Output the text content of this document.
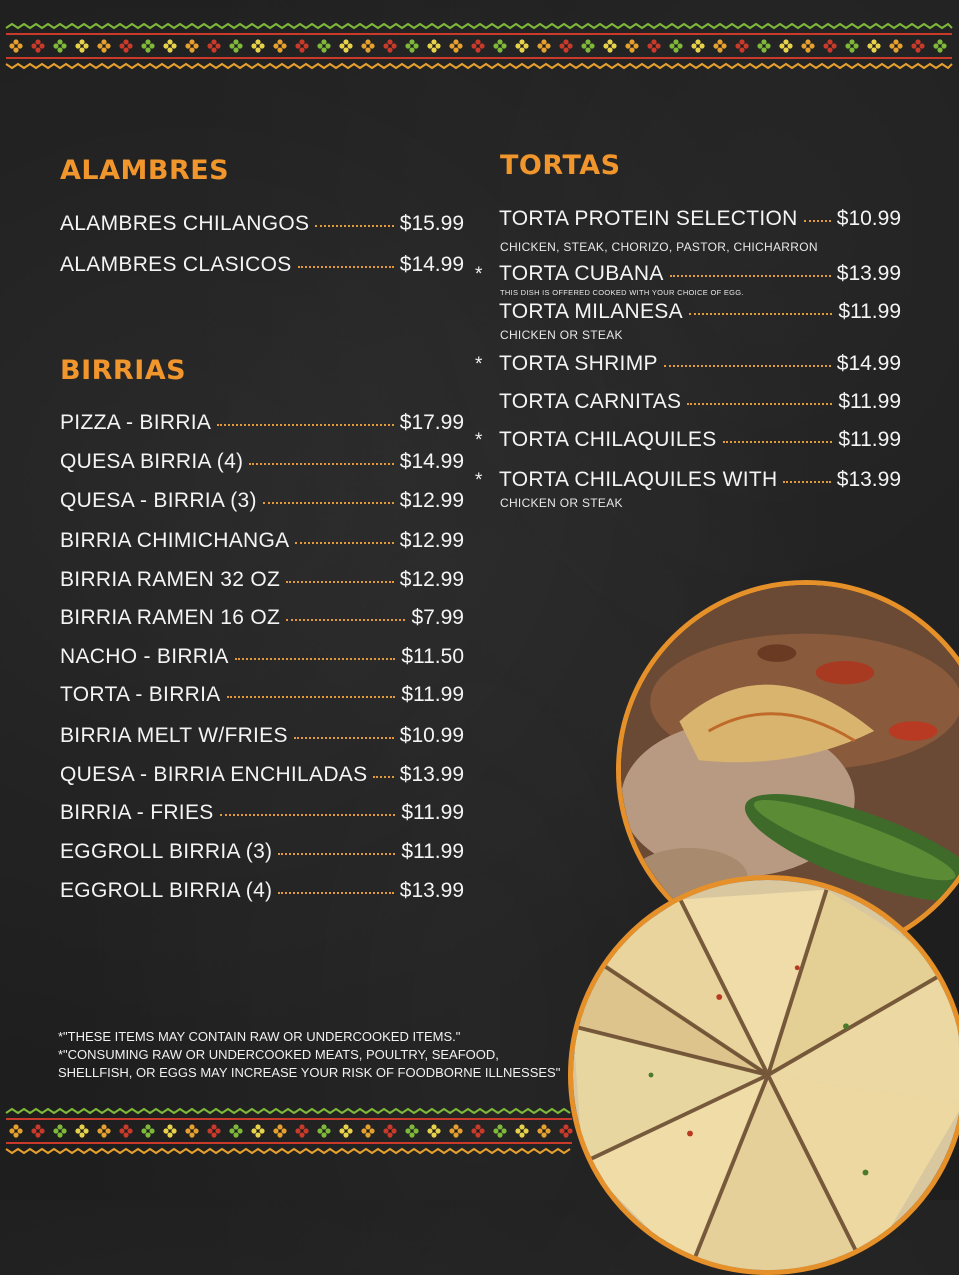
ALAMBRES
ALAMBRES CHILANGOS	$15.99
ALAMBRES CLASICOS	$14.99
BIRRIAS
PIZZA - BIRRIA	$17.99
QUESA BIRRIA (4)	$14.99
QUESA - BIRRIA (3)	$12.99
BIRRIA CHIMICHANGA	$12.99
BIRRIA RAMEN 32 OZ	$12.99
BIRRIA RAMEN 16 OZ	$7.99
NACHO - BIRRIA	$11.50
TORTA - BIRRIA	$11.99
BIRRIA MELT W/FRIES	$10.99
QUESA - BIRRIA ENCHILADAS $13.99
BIRRIA - FRIES	$11.99
EGGROLL BIRRIA (3)	$11.99
EGGROLL BIRRIA (4)	$13.99
TORTAS
TORTA PROTEIN SELECTION $10.99
CHICKEN, STEAK, CHORIZO, PASTOR, CHICHARRON
TORTA CUBANA	$13.99
*
THIS DISH IS OFFERED COOKED WITH YOUR CHOICE OF EGG.
TORTA MILANESA	$11.99
CHICKEN OR STEAK
TORTA SHRIMP	$14.99
*
TORTA CARNITAS	$11.99
TORTA CHILAQUILES	$11.99
*
TORTA CHILAQUILES WITH	$13.99
*
CHICKEN OR STEAK
*"THESE ITEMS MAY CONTAIN RAW OR UNDERCOOKED ITEMS."
*"CONSUMING RAW OR UNDERCOOKED MEATS, POULTRY, SEAFOOD,
SHELLFISH, OR EGGS MAY INCREASE YOUR RISK OF FOODBORNE ILLNESSES"
